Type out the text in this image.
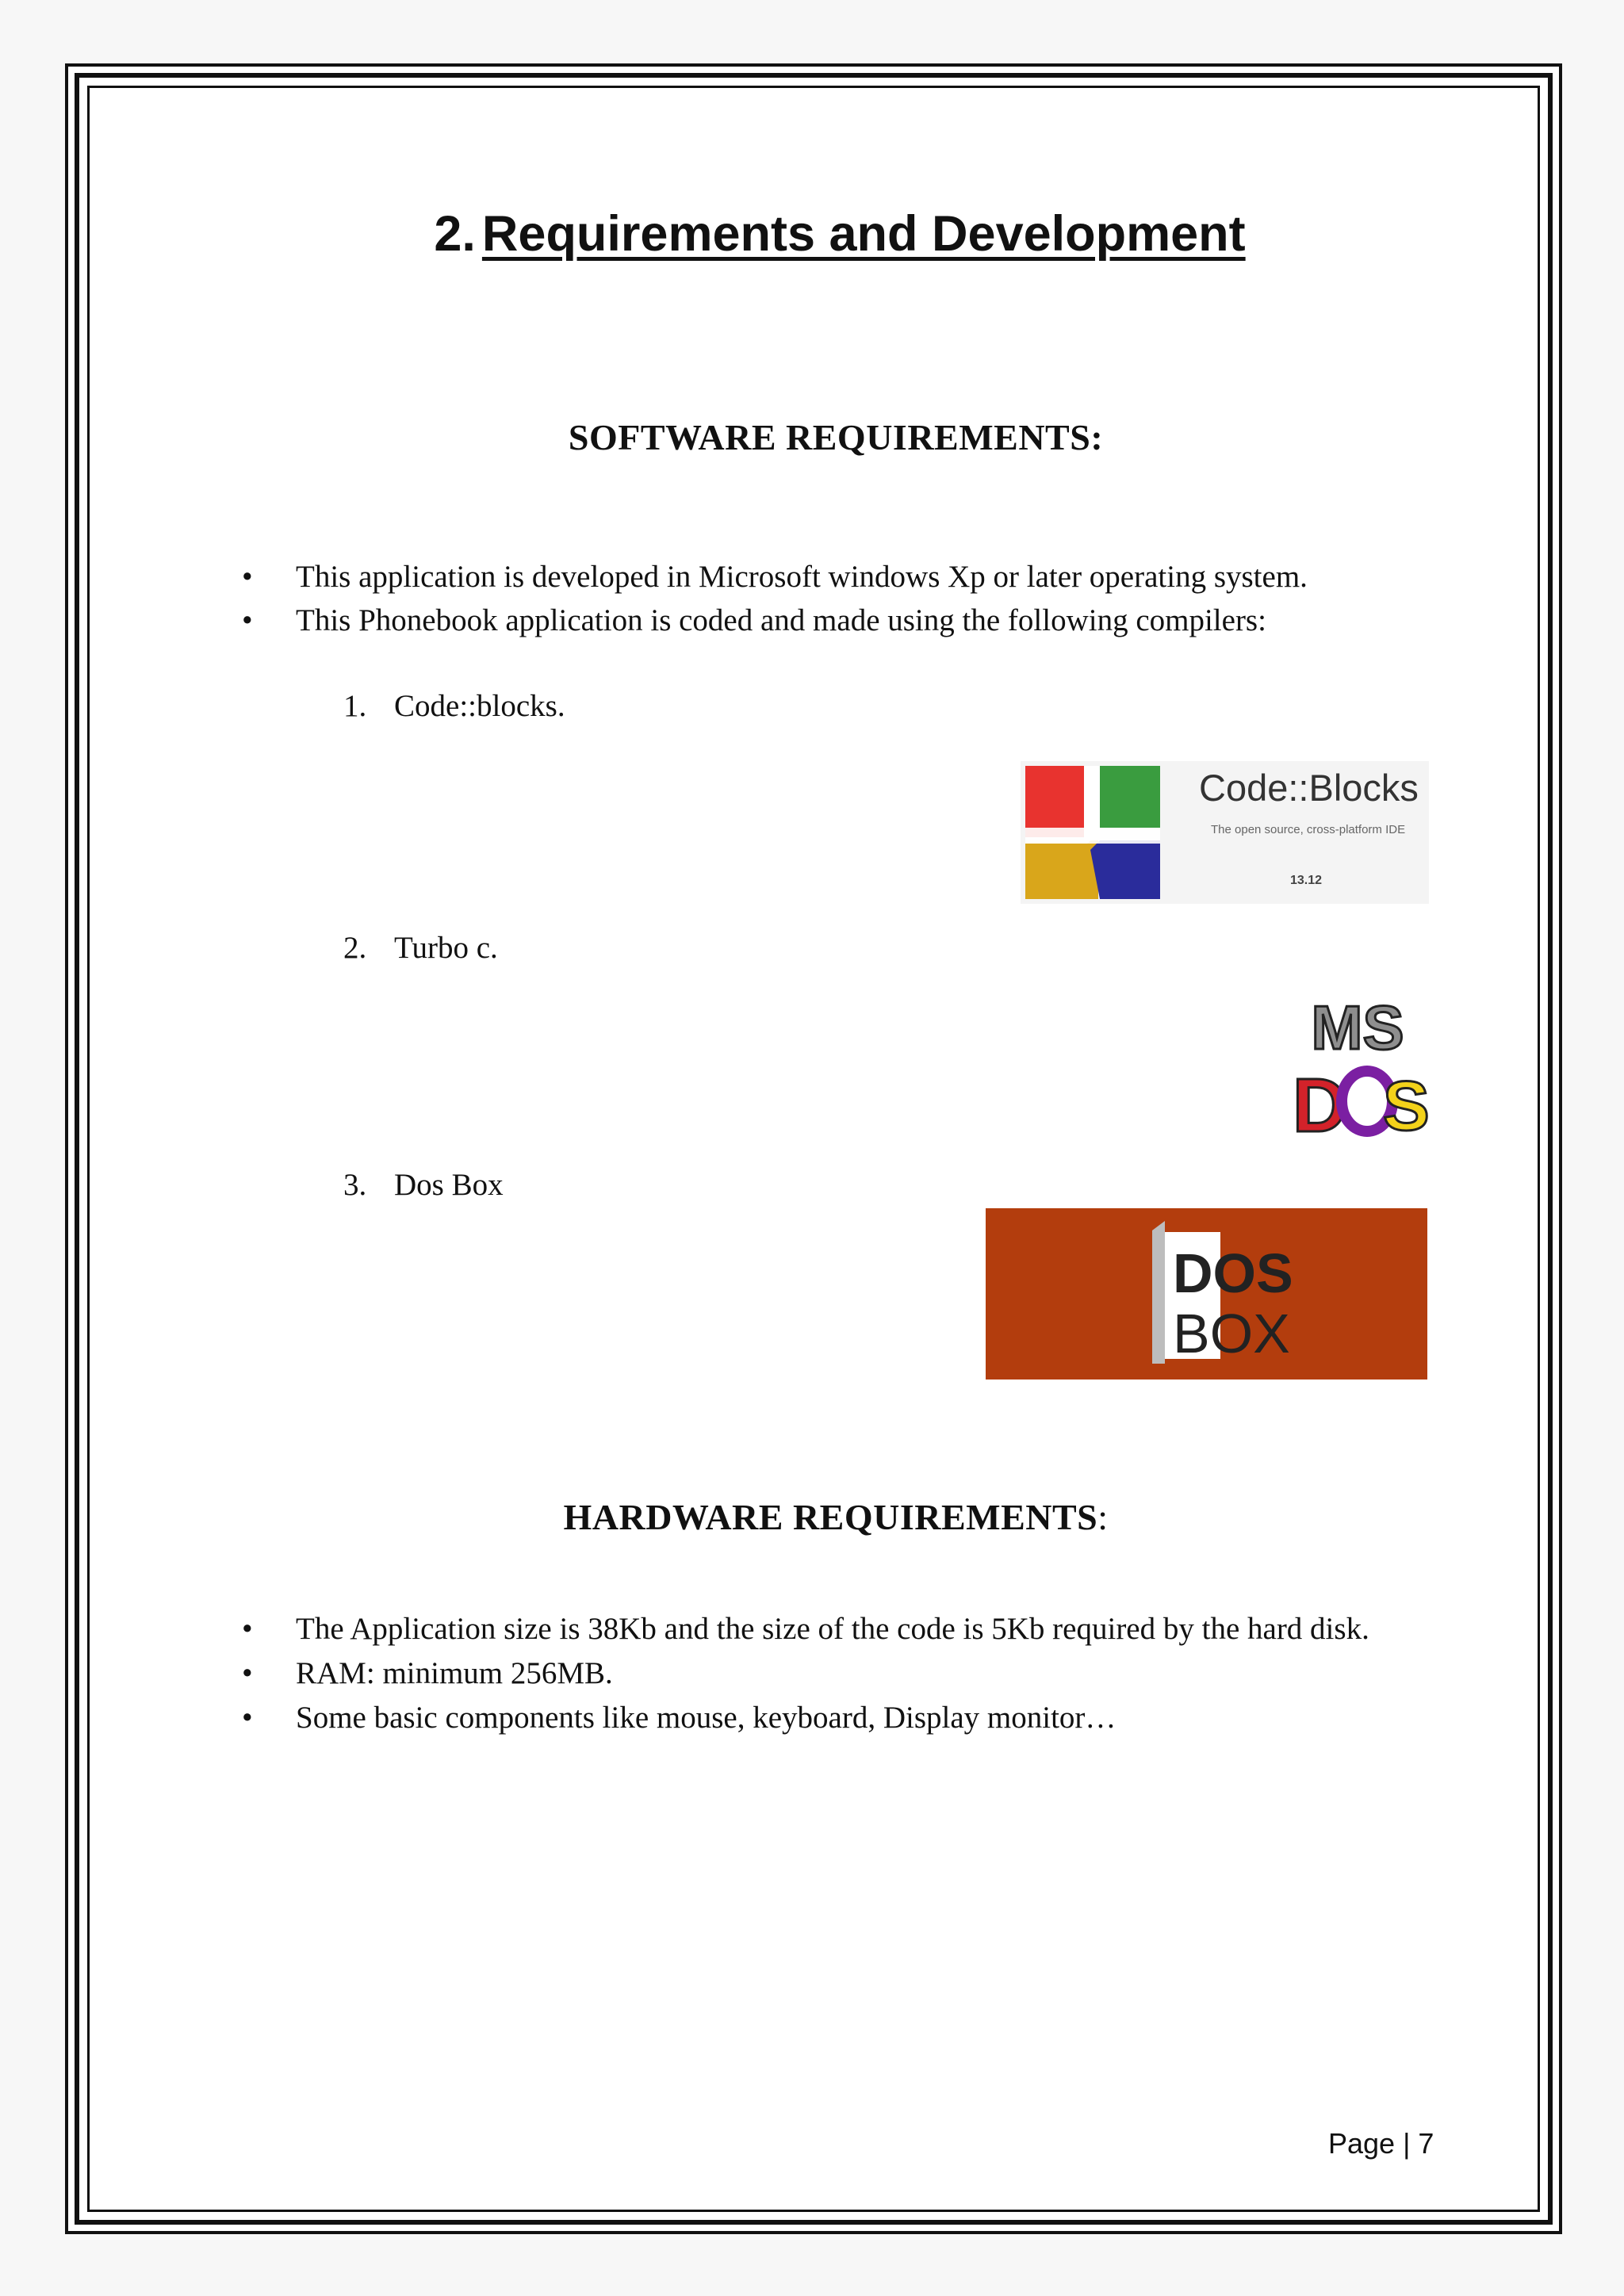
2. Requirements and Development
SOFTWARE REQUIREMENTS:
• This application is developed in Microsoft windows Xp or later operating system.
• This Phonebook application is coded and made using the following compilers:
1. Code::blocks.
2. Turbo c.
3. Dos Box
Code::Blocks
The open source, cross-platform IDE
13.12
MS
D S
DOS
BOX
HARDWARE REQUIREMENTS:
• The Application size is 38Kb and the size of the code is 5Kb required by the hard disk.
• RAM: minimum 256MB.
• Some basic components like mouse, keyboard, Display monitor…
Page | 7
